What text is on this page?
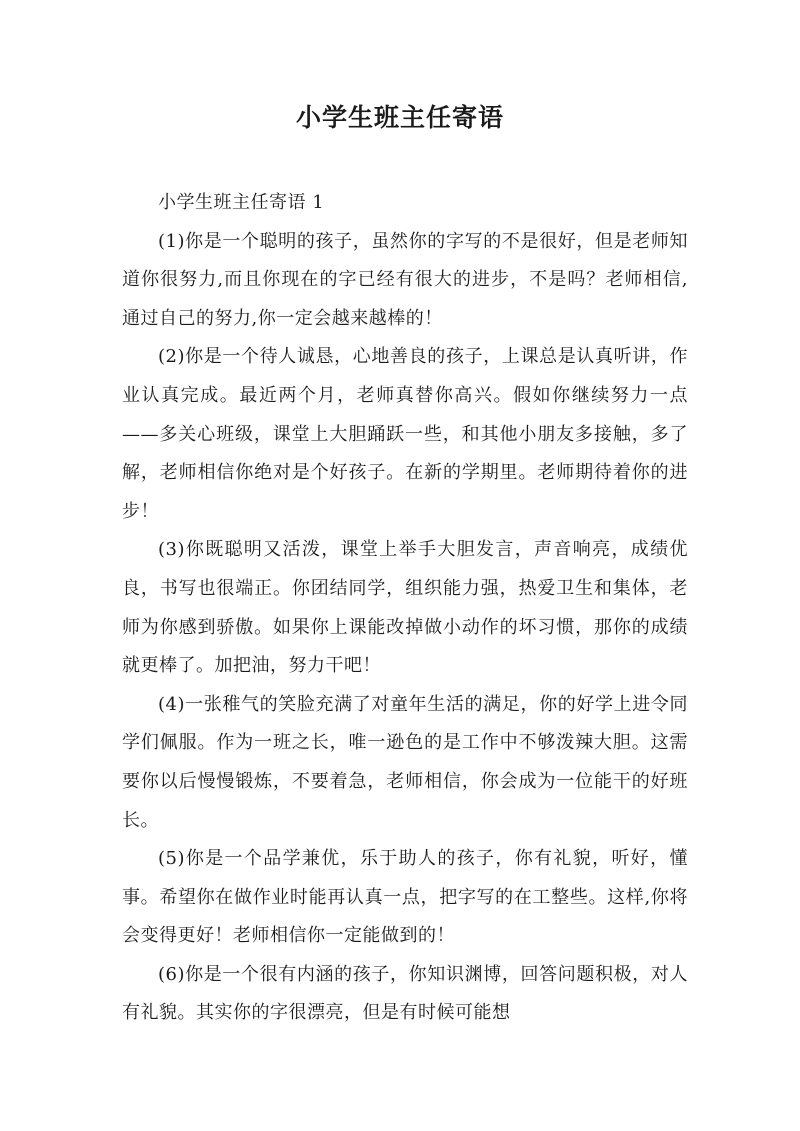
小学生班主任寄语

小学生班主任寄语 1

(1)你是一个聪明的孩子，虽然你的字写的不是很好，但是老师知道你很努力,而且你现在的字已经有很大的进步，不是吗？老师相信,通过自己的努力,你一定会越来越棒的！

(2)你是一个待人诚恳，心地善良的孩子，上课总是认真听讲，作业认真完成。最近两个月，老师真替你高兴。假如你继续努力一点——多关心班级，课堂上大胆踊跃一些，和其他小朋友多接触，多了解，老师相信你绝对是个好孩子。在新的学期里。老师期待着你的进步！

(3)你既聪明又活泼，课堂上举手大胆发言，声音响亮，成绩优良，书写也很端正。你团结同学，组织能力强，热爱卫生和集体，老师为你感到骄傲。如果你上课能改掉做小动作的坏习惯，那你的成绩就更棒了。加把油，努力干吧！

(4)一张稚气的笑脸充满了对童年生活的满足，你的好学上进令同学们佩服。作为一班之长，唯一逊色的是工作中不够泼辣大胆。这需要你以后慢慢锻炼，不要着急，老师相信，你会成为一位能干的好班长。

(5)你是一个品学兼优，乐于助人的孩子，你有礼貌，听好，懂事。希望你在做作业时能再认真一点，把字写的在工整些。这样,你将会变得更好！老师相信你一定能做到的！

(6)你是一个很有内涵的孩子，你知识渊博，回答问题积极，对人有礼貌。其实你的字很漂亮，但是有时候可能想
